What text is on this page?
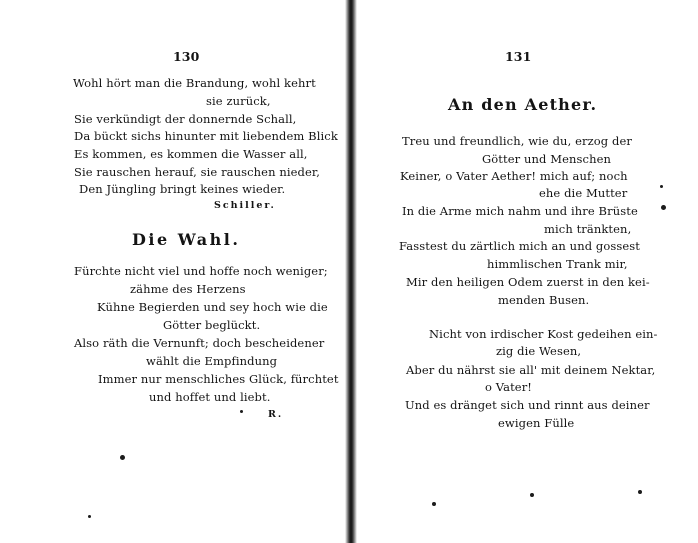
130
Wohl hört man die Brandung, wohl kehrt
sie zurück,
Sie verkündigt der donnernde Schall,
Da bückt sichs hinunter mit liebendem Blick
Es kommen, es kommen die Wasser all,
Sie rauschen herauf, sie rauschen nieder,
Den Jüngling bringt keines wieder.
Schiller.
Die Wahl.
Fürchte nicht viel und hoffe noch weniger;
zähme des Herzens
Kühne Begierden und sey hoch wie die
Götter beglückt.
Also räth die Vernunft; doch bescheidener
wählt die Empfindung
Immer nur menschliches Glück, fürchtet
und hoffet und liebt.
R.
131
An den Aether.
Treu und freundlich, wie du, erzog der
Götter und Menschen
Keiner, o Vater Aether! mich auf; noch
ehe die Mutter
In die Arme mich nahm und ihre Brüste
mich tränkten,
Fasstest du zärtlich mich an und gossest
himmlischen Trank mir,
Mir den heiligen Odem zuerst in den kei-
menden Busen.
Nicht von irdischer Kost gedeihen ein-
zig die Wesen,
Aber du nährst sie all' mit deinem Nektar,
o Vater!
Und es dränget sich und rinnt aus deiner
ewigen Fülle
